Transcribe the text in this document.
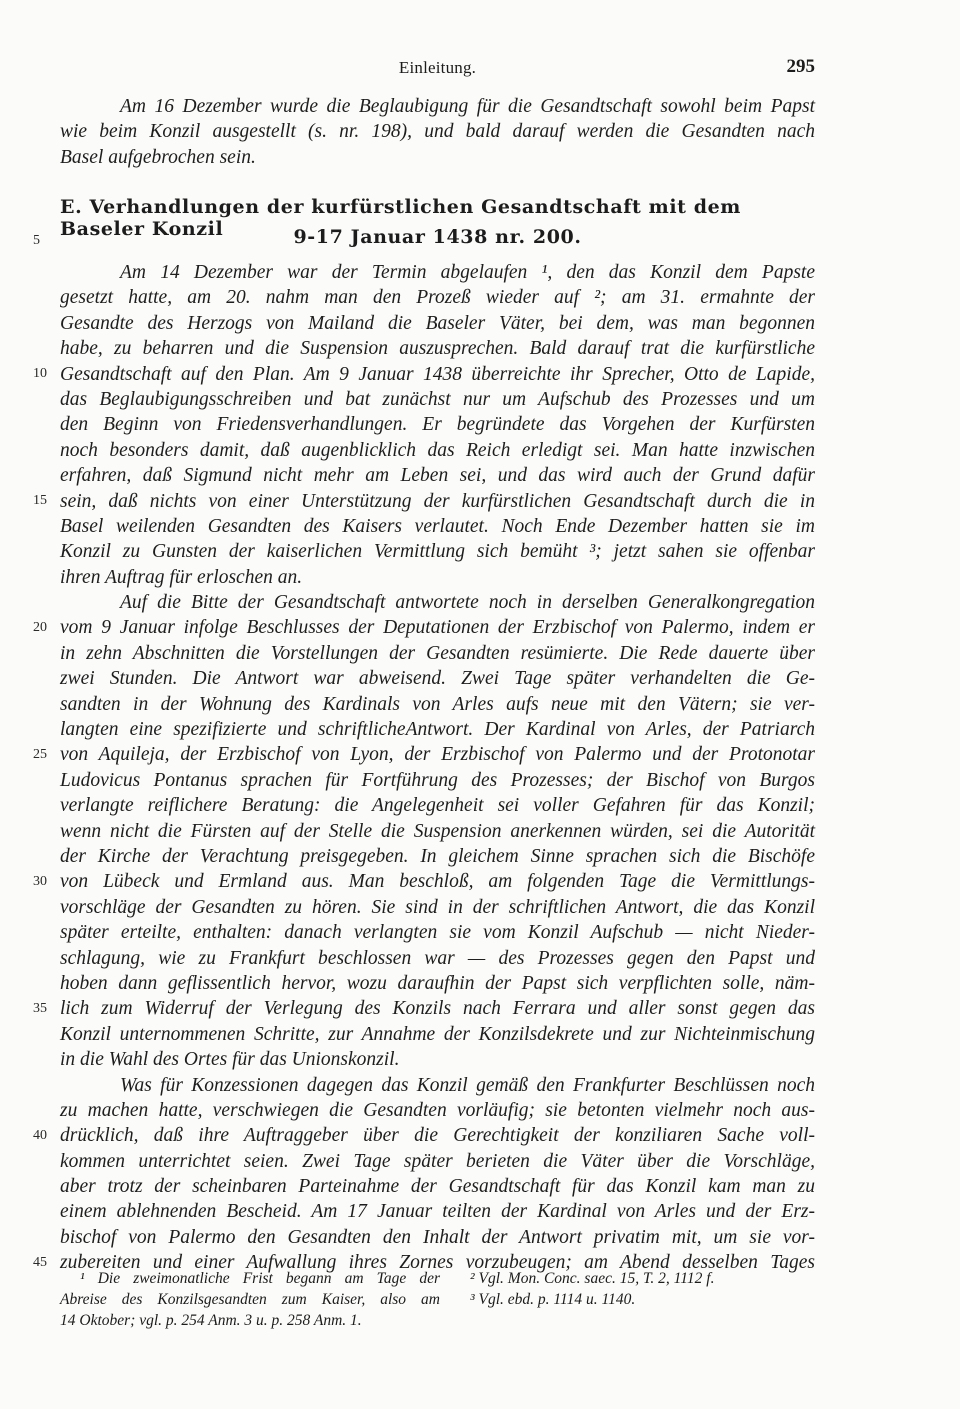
Einleitung.	295
Am 16 Dezember wurde die Beglaubigung für die Gesandtschaft sowohl beim Papst
wie beim Konzil ausgestellt (s. nr. 198), und bald darauf werden die Gesandten nach
Basel aufgebrochen sein.
E. Verhandlungen der kurfürstlichen Gesandtschaft mit dem Baseler Konzil	9-17 Januar 1438 nr. 200.
5
10
15
20
25
30
35
40
45
Am 14 Dezember war der Termin abgelaufen ¹, den das Konzil dem Papste
gesetzt hatte, am 20. nahm man den Prozeß wieder auf ²; am 31. ermahnte der
Gesandte des Herzogs von Mailand die Baseler Väter, bei dem, was man begonnen
habe, zu beharren und die Suspension auszusprechen. Bald darauf trat die kurfürstliche
Gesandtschaft auf den Plan. Am 9 Januar 1438 überreichte ihr Sprecher, Otto de Lapide,
das Beglaubigungsschreiben und bat zunächst nur um Aufschub des Prozesses und um
den Beginn von Friedensverhandlungen. Er begründete das Vorgehen der Kurfürsten
noch besonders damit, daß augenblicklich das Reich erledigt sei. Man hatte inzwischen
erfahren, daß Sigmund nicht mehr am Leben sei, und das wird auch der Grund dafür
sein, daß nichts von einer Unterstützung der kurfürstlichen Gesandtschaft durch die in
Basel weilenden Gesandten des Kaisers verlautet. Noch Ende Dezember hatten sie im
Konzil zu Gunsten der kaiserlichen Vermittlung sich bemüht ³; jetzt sahen sie offenbar
ihren Auftrag für erloschen an.
Auf die Bitte der Gesandtschaft antwortete noch in derselben Generalkongregation
vom 9 Januar infolge Beschlusses der Deputationen der Erzbischof von Palermo, indem er
in zehn Abschnitten die Vorstellungen der Gesandten resümierte. Die Rede dauerte über
zwei Stunden. Die Antwort war abweisend. Zwei Tage später verhandelten die Ge-
sandten in der Wohnung des Kardinals von Arles aufs neue mit den Vätern; sie ver-
langten eine spezifizierte und schriftlicheAntwort. Der Kardinal von Arles, der Patriarch
von Aquileja, der Erzbischof von Lyon, der Erzbischof von Palermo und der Protonotar
Ludovicus Pontanus sprachen für Fortführung des Prozesses; der Bischof von Burgos
verlangte reiflichere Beratung: die Angelegenheit sei voller Gefahren für das Konzil;
wenn nicht die Fürsten auf der Stelle die Suspension anerkennen würden, sei die Autorität
der Kirche der Verachtung preisgegeben. In gleichem Sinne sprachen sich die Bischöfe
von Lübeck und Ermland aus. Man beschloß, am folgenden Tage die Vermittlungs-
vorschläge der Gesandten zu hören. Sie sind in der schriftlichen Antwort, die das Konzil
später erteilte, enthalten: danach verlangten sie vom Konzil Aufschub — nicht Nieder-
schlagung, wie zu Frankfurt beschlossen war — des Prozesses gegen den Papst und
hoben dann geflissentlich hervor, wozu daraufhin der Papst sich verpflichten solle, näm-
lich zum Widerruf der Verlegung des Konzils nach Ferrara und aller sonst gegen das
Konzil unternommenen Schritte, zur Annahme der Konzilsdekrete und zur Nichteinmischung
in die Wahl des Ortes für das Unionskonzil.
Was für Konzessionen dagegen das Konzil gemäß den Frankfurter Beschlüssen noch
zu machen hatte, verschwiegen die Gesandten vorläufig; sie betonten vielmehr noch aus-
drücklich, daß ihre Auftraggeber über die Gerechtigkeit der konziliaren Sache voll-
kommen unterrichtet seien. Zwei Tage später berieten die Väter über die Vorschläge,
aber trotz der scheinbaren Parteinahme der Gesandtschaft für das Konzil kam man zu
einem ablehnenden Bescheid. Am 17 Januar teilten der Kardinal von Arles und der Erz-
bischof von Palermo den Gesandten den Inhalt der Antwort privatim mit, um sie vor-
zubereiten und einer Aufwallung ihres Zornes vorzubeugen; am Abend desselben Tages
¹ Die zweimonatliche Frist begann am Tage der
Abreise des Konzilsgesandten zum Kaiser, also am
14 Oktober; vgl. p. 254 Anm. 3 u. p. 258 Anm. 1.
² Vgl. Mon. Conc. saec. 15, T. 2, 1112 f.
³ Vgl. ebd. p. 1114 u. 1140.
